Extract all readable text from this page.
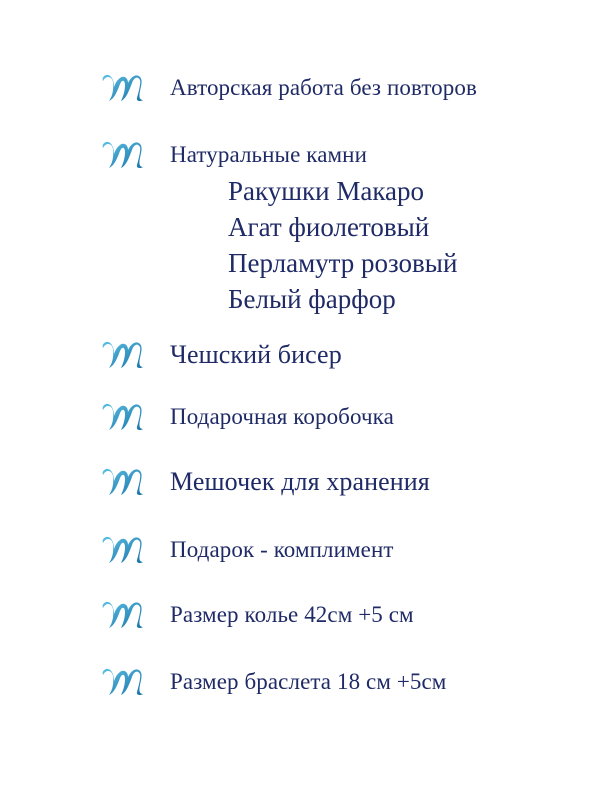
Авторская работа без повторов
Натуральные камни
Ракушки Макаро
Агат фиолетовый
Перламутр розовый
Белый фарфор
Чешский бисер
Подарочная коробочка
Мешочек для хранения
Подарок - комплимент
Размер колье 42см +5 см
Размер браслета 18 см +5см
